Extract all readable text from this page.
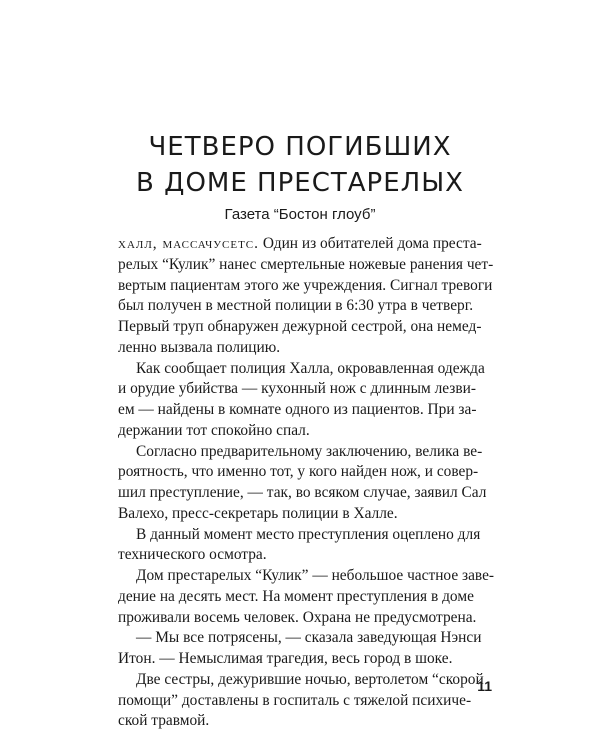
ЧЕТВЕРО ПОГИБШИХ
В ДОМЕ ПРЕСТАРЕЛЫХ
Газета “Бостон глоуб”
халл, массачусетс. Один из обитателей дома преста-
релых “Кулик” нанес смертельные ножевые ранения чет-
вертым пациентам этого же учреждения. Сигнал тревоги
был получен в местной полиции в 6:30 утра в четверг.
Первый труп обнаружен дежурной сестрой, она немед-
ленно вызвала полицию.
Как сообщает полиция Халла, окровавленная одежда
и орудие убийства — кухонный нож с длинным лезви-
ем — найдены в комнате одного из пациентов. При за-
держании тот спокойно спал.
Согласно предварительному заключению, велика ве-
роятность, что именно тот, у кого найден нож, и совер-
шил преступление, — так, во всяком случае, заявил Сал
Валехо, пресс-секретарь полиции в Халле.
В данный момент место преступления оцеплено для
технического осмотра.
Дом престарелых “Кулик” — небольшое частное заве-
дение на десять мест. На момент преступления в доме
проживали восемь человек. Охрана не предусмотрена.
— Мы все потрясены, — сказала заведующая Нэнси
Итон. — Немыслимая трагедия, весь город в шоке.
Две сестры, дежурившие ночью, вертолетом “скорой
помощи” доставлены в госпиталь с тяжелой психиче-
ской травмой.
11
